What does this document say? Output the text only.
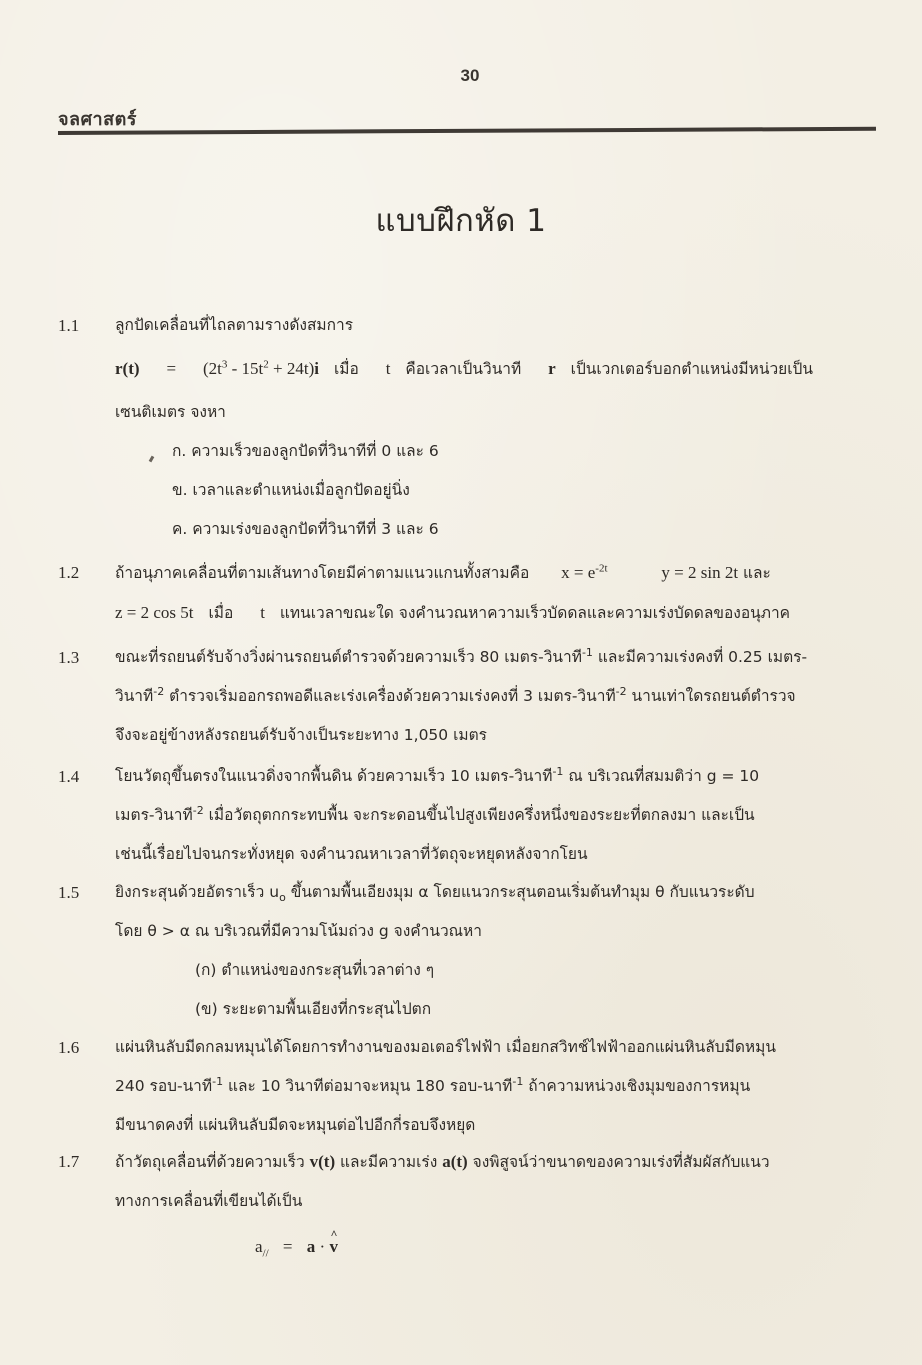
30
จลศาสตร์
แบบฝึกหัด 1
1.1	ลูกปัดเคลื่อนที่ไถลตามรางดังสมการ
$r(t) = (2t^3 - 15t^2 + 24t)i$ เมื่อ t คือเวลาเป็นวินาที r เป็นเวกเตอร์บอกตำแหน่งมีหน่วยเป็น
เซนติเมตร จงหา
ก. ความเร็วของลูกปัดที่วินาทีที่ 0 และ 6
ข. เวลาและตำแหน่งเมื่อลูกปัดอยู่นิ่ง
ค. ความเร่งของลูกปัดที่วินาทีที่ 3 และ 6
1.2	ถ้าอนุภาคเคลื่อนที่ตามเส้นทางโดยมีค่าตามแนวแกนทั้งสามคือ $x = e^{-2t}$	y = 2 sin 2t และ
z = 2 cos 5t เมื่อ t แทนเวลาขณะใด จงคำนวณหาความเร็วบัดดลและความเร่งบัดดลของอนุภาค
1.3	ขณะที่รถยนต์รับจ้างวิ่งผ่านรถยนต์ตำรวจด้วยความเร็ว 80 เมตร-วินาที$^{-1}$ และมีความเร่งคงที่ 0.25 เมตร-
วินาที$^{-2}$ ตำรวจเริ่มออกรถพอดีและเร่งเครื่องด้วยความเร่งคงที่ 3 เมตร-วินาที$^{-2}$ นานเท่าใดรถยนต์ตำรวจ
จึงจะอยู่ข้างหลังรถยนต์รับจ้างเป็นระยะทาง 1,050 เมตร
1.4	โยนวัตถุขึ้นตรงในแนวดิ่งจากพื้นดิน ด้วยความเร็ว 10 เมตร-วินาที$^{-1}$ ณ บริเวณที่สมมติว่า g = 10
เมตร-วินาที$^{-2}$ เมื่อวัตถุตกกระทบพื้น จะกระดอนขึ้นไปสูงเพียงครึ่งหนึ่งของระยะที่ตกลงมา และเป็น
เช่นนี้เรื่อยไปจนกระทั่งหยุด จงคำนวณหาเวลาที่วัตถุจะหยุดหลังจากโยน
1.5	ยิงกระสุนด้วยอัตราเร็ว $u_o$ ขึ้นตามพื้นเอียงมุม α โดยแนวกระสุนตอนเริ่มต้นทำมุม θ กับแนวระดับ
โดย θ > α ณ บริเวณที่มีความโน้มถ่วง g จงคำนวณหา
(ก) ตำแหน่งของกระสุนที่เวลาต่าง ๆ
(ข) ระยะตามพื้นเอียงที่กระสุนไปตก
1.6	แผ่นหินลับมีดกลมหมุนได้โดยการทำงานของมอเตอร์ไฟฟ้า เมื่อยกสวิทช์ไฟฟ้าออกแผ่นหินลับมีดหมุน
240 รอบ-นาที$^{-1}$ และ 10 วินาทีต่อมาจะหมุน 180 รอบ-นาที$^{-1}$ ถ้าความหน่วงเชิงมุมของการหมุน
มีขนาดคงที่ แผ่นหินลับมีดจะหมุนต่อไปอีกกี่รอบจึงหยุด
1.7	ถ้าวัตถุเคลื่อนที่ด้วยความเร็ว v(t) และมีความเร่ง a(t) จงพิสูจน์ว่าขนาดของความเร่งที่สัมผัสกับแนว
ทางการเคลื่อนที่เขียนได้เป็น
$a_{//} = a$ · ^ v
